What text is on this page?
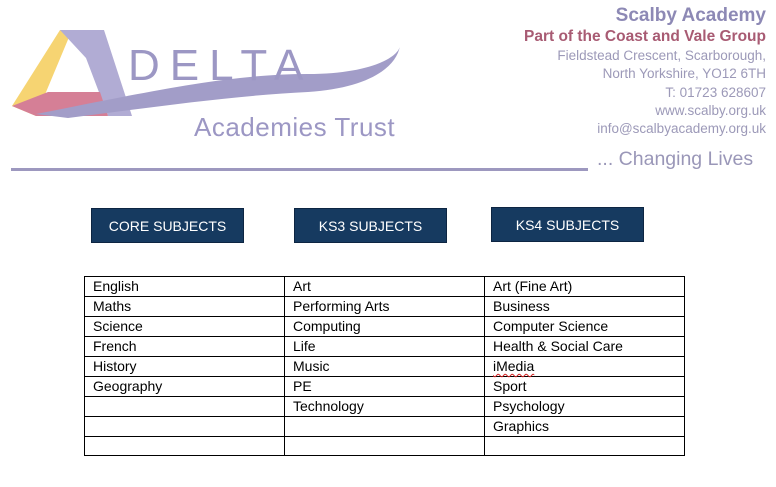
DELTA
Academies Trust
Scalby Academy
Part of the Coast and Vale Group
Fieldstead Crescent, Scarborough,
North Yorkshire, YO12 6TH
T: 01723 628607
www.scalby.org.uk
info@scalbyacademy.org.uk
... Changing Lives
CORE SUBJECTS	KS3 SUBJECTS	KS4 SUBJECTS
English	Art	Art (Fine Art)
Maths	Performing Arts	Business
Science	Computing	Computer Science
French	Life	Health & Social Care
History	Music	iMedia
Geography	PE	Sport
	Technology	Psychology
		Graphics
